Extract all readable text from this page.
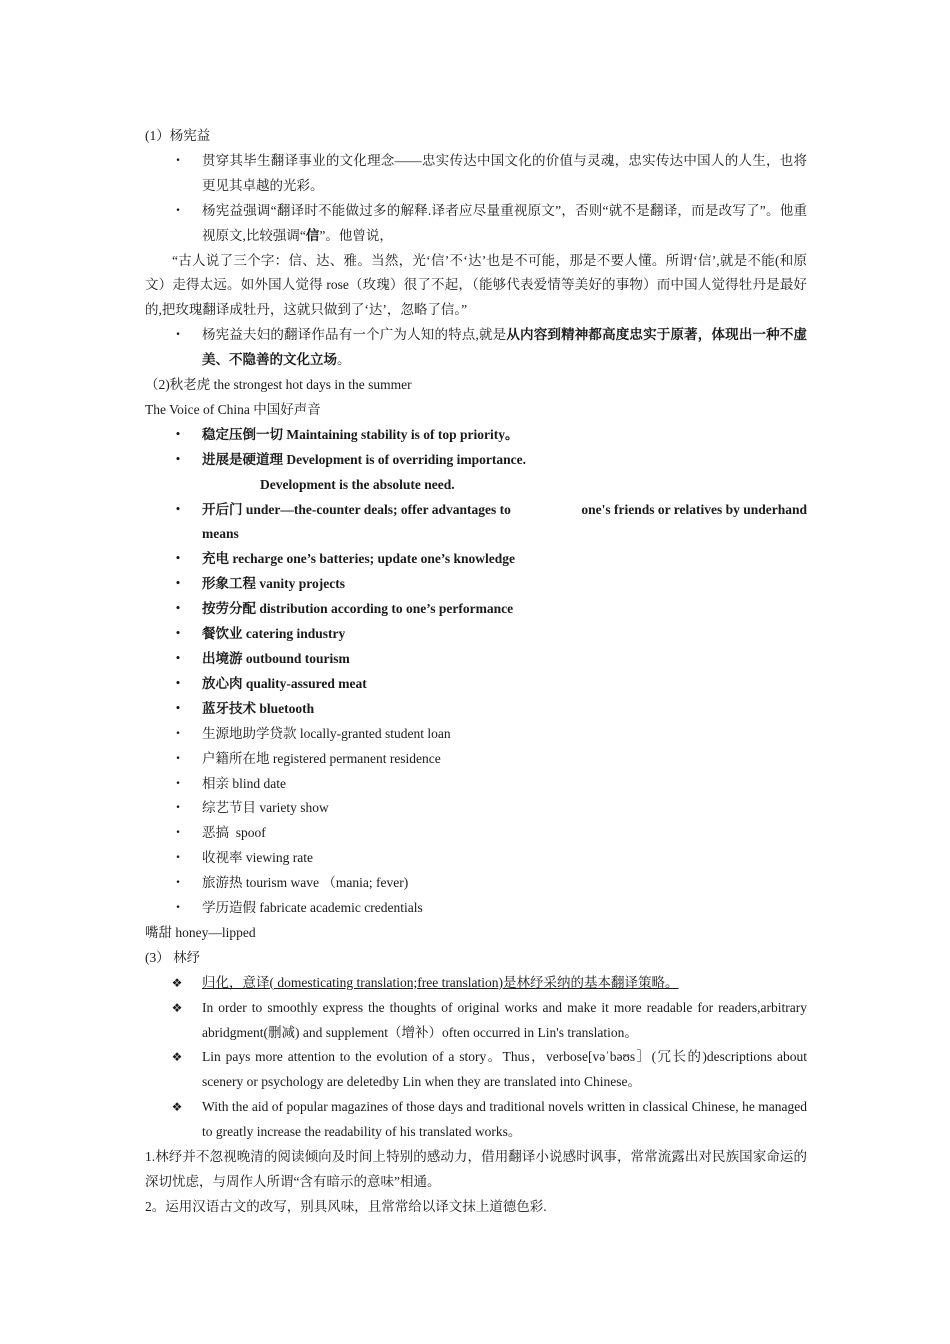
(1）杨宪益
• 贯穿其毕生翻译事业的文化理念——忠实传达中国文化的价值与灵魂，忠实传达中国人的人生，也将更见其卓越的光彩。
• 杨宪益强调“翻译时不能做过多的解释.译者应尽量重视原文”，否则“就不是翻译，而是改写了”。他重视原文,比较强调“信”。他曾说，
“古人说了三个字：信、达、雅。当然，光‘信’不‘达’也是不可能，那是不要人懂。所谓‘信’,就是不能(和原文）走得太远。如外国人觉得 rose（玫瑰）很了不起，（能够代表爱情等美好的事物）而中国人觉得牡丹是最好的,把玫瑰翻译成牡丹，这就只做到了‘达’，忽略了信。”
• 杨宪益夫妇的翻译作品有一个广为人知的特点,就是从内容到精神都高度忠实于原著，体现出一种不虚美、不隐善的文化立场。
（2)秋老虎 the strongest hot days in the summer
The Voice of China 中国好声音
• 稳定压倒一切 Maintaining stability is of top priority。
• 进展是硬道理 Development is of overriding importance.
Development is the absolute need.
• 开后门 under—the-counter deals; offer advantages to	one's friends or relatives by underhand
means
• 充电 recharge one’s batteries; update one’s knowledge
• 形象工程 vanity projects
• 按劳分配 distribution according to one’s performance
• 餐饮业 catering industry
• 出境游 outbound tourism
• 放心肉 quality-assured meat
• 蓝牙技术 bluetooth
• 生源地助学贷款 locally-granted student loan
• 户籍所在地 registered permanent residence
• 相亲 blind date
• 综艺节目 variety show
• 恶搞  spoof
• 收视率 viewing rate
• 旅游热 tourism wave （mania; fever)
• 学历造假 fabricate academic credentials
嘴甜 honey—lipped
(3） 林纾
❖ 归化，意译( domesticating translation;free translation)是林纾采纳的基本翻译策略。
❖ In order to smoothly express the thoughts of original works and make it more readable for readers,arbitrary abridgment(删减) and supplement（增补）often occurred in Lin's translation。
❖ Lin pays more attention to the evolution of a story。Thus，verbose[vəˈbəʊs］(冗长的)descriptions about scenery or psychology are deletedby Lin when they are translated into Chinese。
❖ With the aid of popular magazines of those days and traditional novels written in classical Chinese, he managed to greatly increase the readability of his translated works。
1.林纾并不忽视晚清的阅读倾向及时间上特别的感动力，借用翻译小说感时讽事，常常流露出对民族国家命运的深切忧虑，与周作人所谓“含有暗示的意味”相通。
2。运用汉语古文的改写，别具风味，且常常给以译文抹上道德色彩.
